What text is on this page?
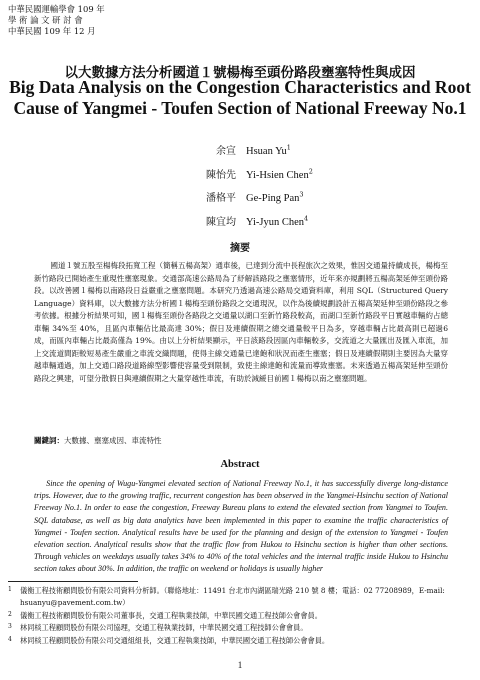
中華民國運輸學會 109 年
學 術 論 文 研 討 會
中華民國 109 年 12 月
以大數據方法分析國道１號楊梅至頭份路段壅塞特性與成因
Big Data Analysis on the Congestion Characteristics and Root Cause of Yangmei - Toufen Section of National Freeway No.1
余宣 Hsuan Yu$^1$
陳怡先 Yi-Hsien Chen$^2$
潘格平 Ge-Ping Pan$^3$
陳宜均 Yi-Jyun Chen$^4$
摘要
國道１號五股至楊梅段拓寬工程（簡稱五楊高架）通車後，已達到分流中長程旅次之效果，惟因交通量持續成長，楊梅至新竹路段已開始產生重現性壅塞現象。交通部高速公路局為了紓解該路段之壅塞情形，近年來亦規劃將五楊高架延伸至頭份路段。以改善國１楊梅以南路段日益嚴重之壅塞問題。本研究乃透過高速公路局交通資料庫，利用 SQL（Structured Query Language）資料庫，以大數據方法分析國１楊梅至頭份路段之交通現況，以作為後續規劃設計五楊高架延伸至頭份路段之參考依據。根據分析結果可知，國１楊梅至頭份各路段之交通量以湖口至新竹路段較高，而湖口至新竹路段平日實越車輛約占總車輛 34%至 40%，且區內車輛佔比最高達 30%；假日及連續假期之總交通量較平日為多，穿越車輛占比最高則已超過6成，而區內車輛占比最高僅為 19%。由以上分析結果顯示，平日該路段因區內車輛較多，交流道之大量匯出及匯入車流，加上交流道間距較短易產生嚴重之車流交織問題，使得主線交通量已達飽和狀況而產生壅塞；假日及連續假期則主要因為大量穿越車輛通過，加上交通口路段道路線型影響使容量受到限制，致使主線達飽和流量而導致壅塞。未來透過五楊高架延伸至頭份路段之興建，可望分散假日與連續假期之大量穿越性車流，有助於減緩目前國１楊梅以南之壅塞問題。
關鍵詞：大數據、壅塞成因、車流特性
Abstract
Since the opening of Wugu-Yangmei elevated section of National Freeway No.1, it has successfully diverge long-distance trips. However, due to the growing traffic, recurrent congestion has been observed in the Yangmei-Hsinchu section of National Freeway No.1. In order to ease the congestion, Freeway Bureau plans to extend the elevated section from Yangmei to Toufen. SQL database, as well as big data analytics have been implemented in this paper to examine the traffic characteristics of Yangmei - Toufen section. Analytical results have be used for the planning and design of the extension to Yangmei - Toufen elevation section. Analytical results show that the traffic flow from Hukou to Hsinchu section is higher than other sections. Through vehicles on weekdays usually takes 34% to 40% of the total vehicles and the internal traffic inside Hukou to Hsinchu section takes about 30%. In addition, the traffic on weekend or holidays is usually higher
1 儀衡工程技術顧問股份有限公司資料分析師。（聯絡地址：11491 台北市內湖區瑞光路 210 號 8 樓；電話：02 77208989，E-mail: hsuanyu@pavement.com.tw）
2 儀衡工程技術顧問股份有限公司董事長，交通工程執業技師，中華民國交通工程技師公會會員。
3 林同棪工程顧問股份有限公司協理，交通工程執業技師，中華民國交通工程技師公會會員。
4 林同棪工程顧問股份有限公司交通組組長，交通工程執業技師，中華民國交通工程技師公會會員。
1
